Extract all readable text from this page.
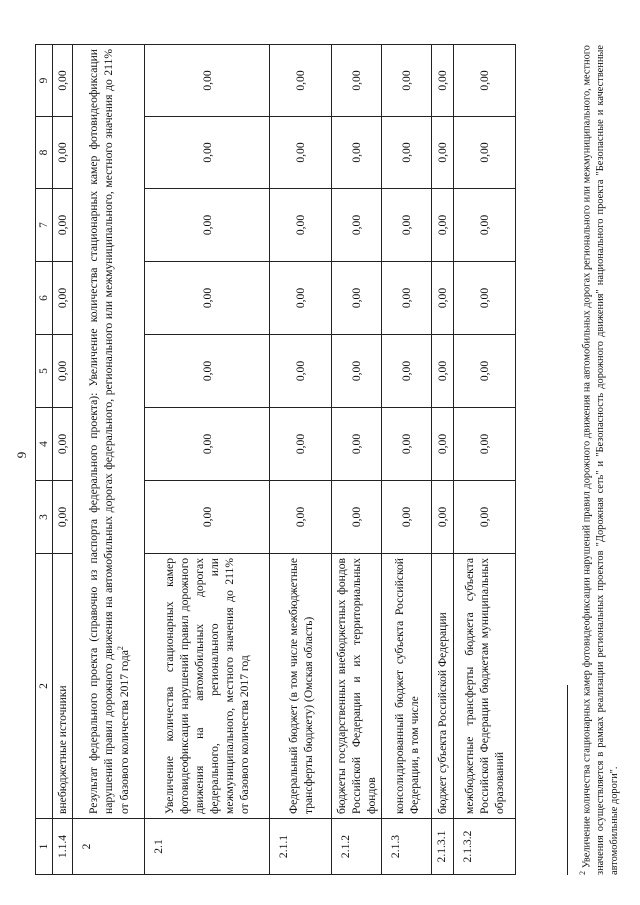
9
1	2	3	4	5	6	7	8	9
1.1.4	внебюджетные источники	0,00	0,00	0,00	0,00	0,00	0,00	0,00
2	Результат федерального проекта (справочно из паспорта федерального проекта): Увеличение количества стационарных камер фотовидеофиксации нарушений правил дорожного движения на автомобильных дорогах федерального, регионального или межмуниципального, местного значения до 211% от базового количества 2017 года$^2$
2.1	Увеличение количества стационарных камер фотовидеофиксации нарушений правил дорожного движения на автомобильных дорогах федерального, регионального или межмуниципального, местного значения до 211% от базового количества 2017 год	0,00	0,00	0,00	0,00	0,00	0,00	0,00
2.1.1	Федеральный бюджет (в том числе межбюджетные трансферты бюджету) (Омская область)	0,00	0,00	0,00	0,00	0,00	0,00	0,00
2.1.2	бюджеты государственных внебюджетных фондов Российской Федерации и их территориальных фондов	0,00	0,00	0,00	0,00	0,00	0,00	0,00
2.1.3	консолидированный бюджет субъекта Российской Федерации, в том числе	0,00	0,00	0,00	0,00	0,00	0,00	0,00
2.1.3.1	бюджет субъекта Российской Федерации	0,00	0,00	0,00	0,00	0,00	0,00	0,00
2.1.3.2	межбюджетные трансферты бюджета субъекта Российской Федерации бюджетам муниципальных образований	0,00	0,00	0,00	0,00	0,00	0,00	0,00
$^2$ Увеличение количества стационарных камер фотовидеофиксации нарушений правил дорожного движения на автомобильных дорогах регионального или межмуниципального, местного значения осуществляется в рамках реализации региональных проектов "Дорожная сеть" и "Безопасность дорожного движения" национального проекта "Безопасные и качественные автомобильные дороги".
